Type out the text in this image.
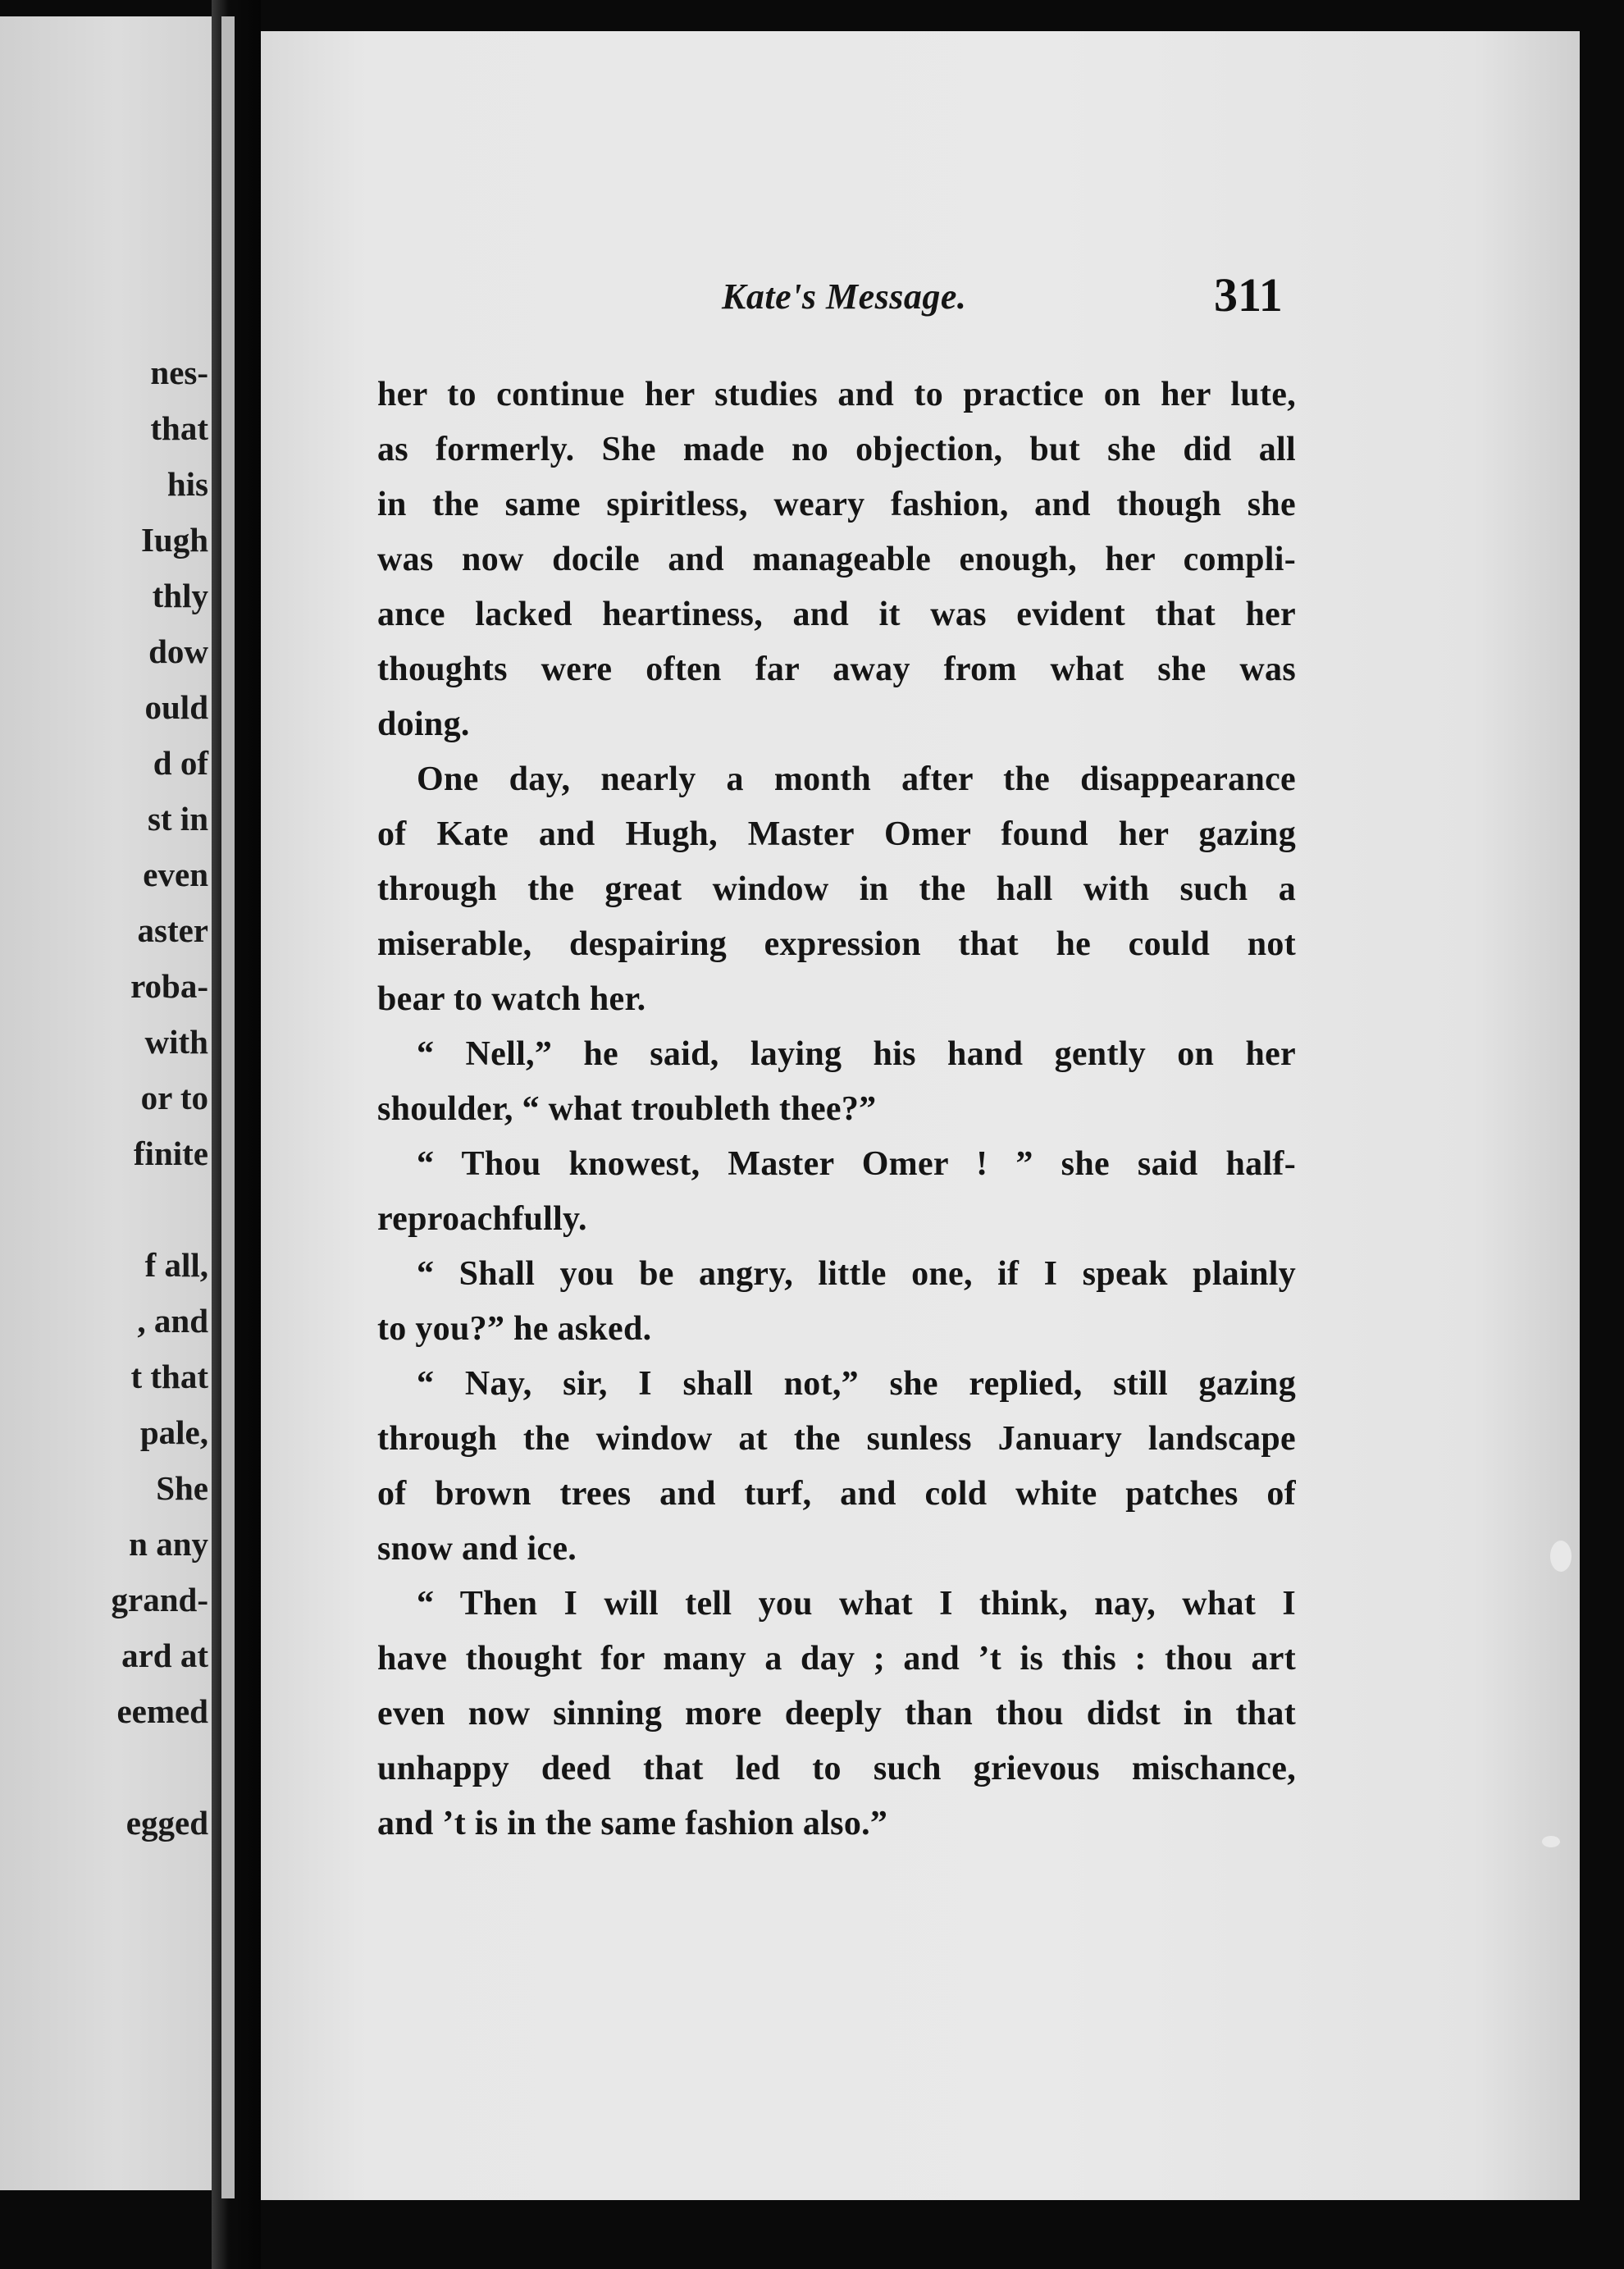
nes-

that

his

Iugh

thly

dow

ould

d of

st in

even

aster

roba-

with

or to

finite

f all,

, and

t that

pale,

She

n any

grand-

ard at

eemed

egged

Kate's Message.	311

her to continue her studies and to practice on her lute,

as formerly. She made no objection, but she did all

in the same spiritless, weary fashion, and though she

was now docile and manageable enough, her compli-

ance lacked heartiness, and it was evident that her

thoughts were often far away from what she was

doing.

One day, nearly a month after the disappearance

of Kate and Hugh, Master Omer found her gazing

through the great window in the hall with such a

miserable, despairing expression that he could not

bear to watch her.

“ Nell,” he said, laying his hand gently on her

shoulder, “ what troubleth thee?”

“ Thou knowest, Master Omer ! ” she said half-

reproachfully.

“ Shall you be angry, little one, if I speak plainly

to you?” he asked.

“ Nay, sir, I shall not,” she replied, still gazing

through the window at the sunless January landscape

of brown trees and turf, and cold white patches of

snow and ice.

“ Then I will tell you what I think, nay, what I

have thought for many a day ; and ’t is this : thou art

even now sinning more deeply than thou didst in that

unhappy deed that led to such grievous mischance,

and ’t is in the same fashion also.”
